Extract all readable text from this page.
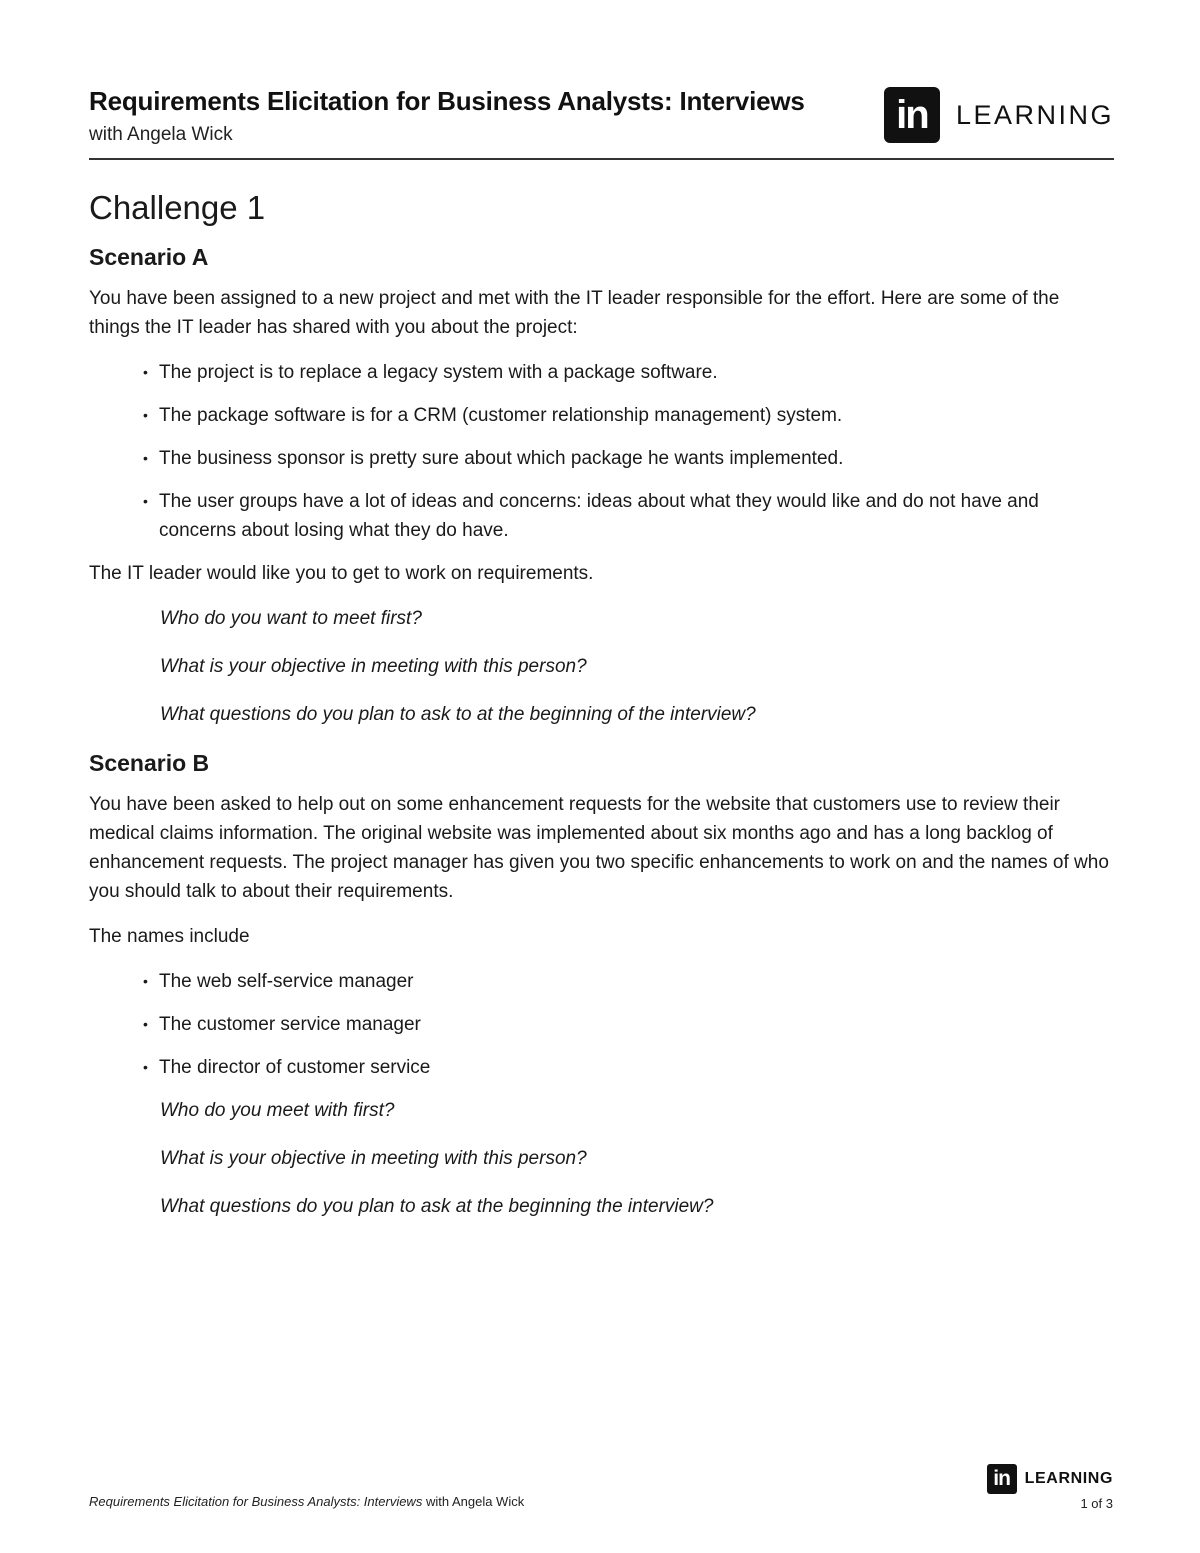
Requirements Elicitation for Business Analysts: Interviews
with Angela Wick	in	LEARNING
Challenge 1
Scenario A

You have been assigned to a new project and met with the IT leader responsible for the effort. Here are some of the things the IT leader has shared with you about the project:

• The project is to replace a legacy system with a package software.
• The package software is for a CRM (customer relationship management) system.
• The business sponsor is pretty sure about which package he wants implemented.
• The user groups have a lot of ideas and concerns: ideas about what they would like and do not have and concerns about losing what they do have.

The IT leader would like you to get to work on requirements.

Who do you want to meet first?
What is your objective in meeting with this person?
What questions do you plan to ask to at the beginning of the interview?
Scenario B

You have been asked to help out on some enhancement requests for the website that customers use to review their medical claims information. The original website was implemented about six months ago and has a long backlog of enhancement requests. The project manager has given you two specific enhancements to work on and the names of who you should talk to about their requirements.

The names include

• The web self-service manager
• The customer service manager
• The director of customer service
Who do you meet with first?
What is your objective in meeting with this person?
What questions do you plan to ask at the beginning the interview?
Requirements Elicitation for Business Analysts: Interviews with Angela Wick
in LEARNING
1 of 3
